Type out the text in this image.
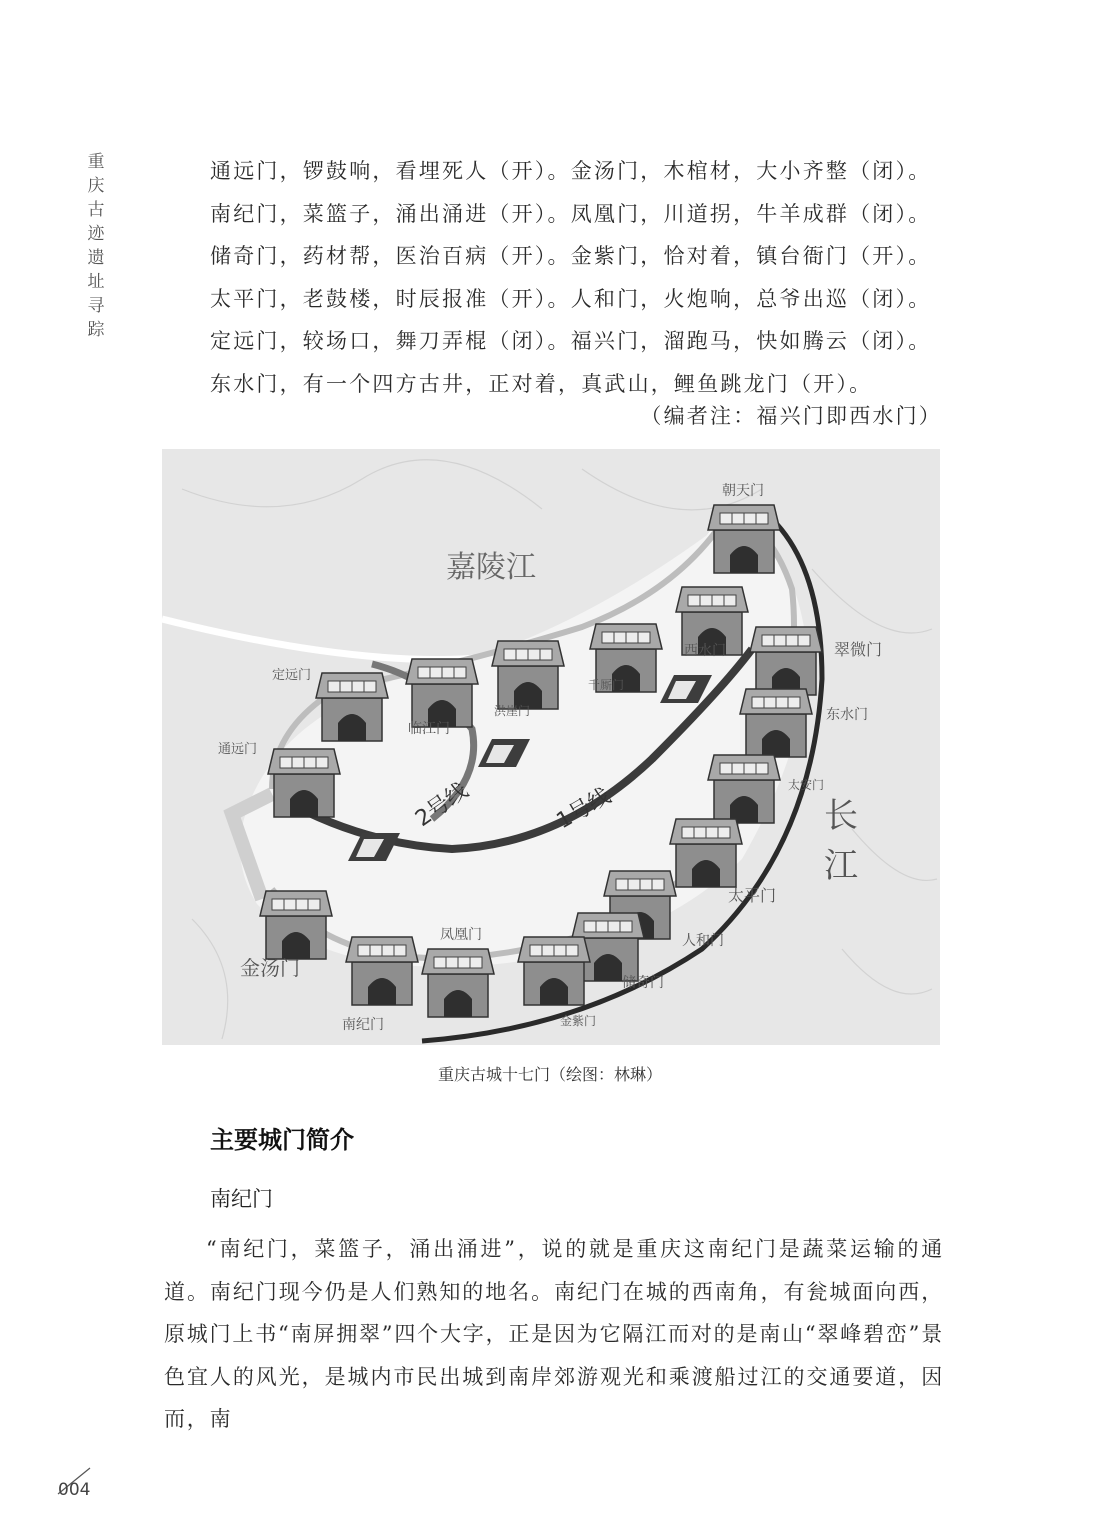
重庆古迹遗址寻踪
通远门，锣鼓响，看埋死人（开）。金汤门，木棺材，大小齐整（闭）。
南纪门，菜篮子，涌出涌进（开）。凤凰门，川道拐，牛羊成群（闭）。
储奇门，药材帮，医治百病（开）。金紫门，恰对着，镇台衙门（开）。
太平门，老鼓楼，时辰报准（开）。人和门，火炮响，总爷出巡（闭）。
定远门，较场口，舞刀弄棍（闭）。福兴门，溜跑马，快如腾云（闭）。
东水门，有一个四方古井，正对着，真武山，鲤鱼跳龙门（开）。
（编者注：福兴门即西水门）
嘉陵江
长
江
2号线	1号线
朝天门
西水门	翠微门
东水门
太安门
太平门
人和门
储奇门
金紫门
千厮门
洪崖门
临江门
定远门
通远门
金汤门
南纪门
凤凰门
重庆古城十七门（绘图：林琳）
主要城门简介
南纪门

“南纪门，菜篮子，涌出涌进”，说的就是重庆这南纪门是蔬菜运输的通道。南纪门现今仍是人们熟知的地名。南纪门在城的西南角，有瓮城面向西，原城门上书“南屏拥翠”四个大字，正是因为它隔江而对的是南山“翠峰碧峦”景色宜人的风光，是城内市民出城到南岸郊游观光和乘渡船过江的交通要道，因而，南

004
